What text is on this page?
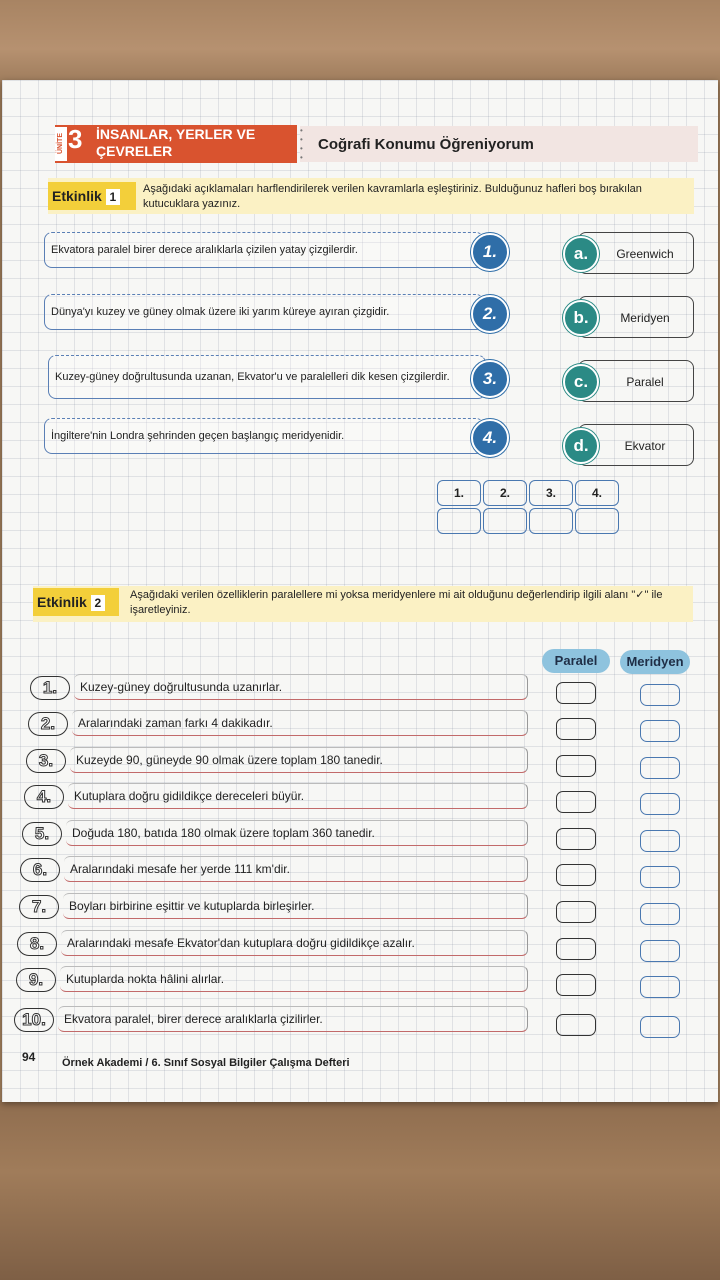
ÜNİTE 3 İNSANLAR, YERLER VE ÇEVRELER
•
•
•
•
Coğrafi Konumu Öğreniyorum
Etkinlik 1
Aşağıdaki açıklamaları harflendirilerek verilen kavramlarla eşleştiriniz. Bulduğunuz hafleri boş bırakılan kutucuklara yazınız.
Ekvatora paralel birer derece aralıklarla çizilen yatay çizgilerdir.	1.
Dünya'yı kuzey ve güney olmak üzere iki yarım küreye ayıran çizgidir.	2.
Kuzey-güney doğrultusunda uzanan, Ekvator'u ve paralelleri dik kesen çizgilerdir.	3.
İngiltere'nin Londra şehrinden geçen başlangıç meridyenidir.	4.
Greenwich
a.
Meridyen
b.
Paralel
c.
Ekvator
d.
1.	2.	3.	4.
Etkinlik 2
Aşağıdaki verilen özelliklerin paralellere mi yoksa meridyenlere mi ait olduğunu değerlendirip ilgili alanı "✓" ile işaretleyiniz.
Paralel	Meridyen
1.	Kuzey-güney doğrultusunda uzanırlar.
2.	Aralarındaki zaman farkı 4 dakikadır.
3.	Kuzeyde 90, güneyde 90 olmak üzere toplam 180 tanedir.
4.	Kutuplara doğru gidildikçe dereceleri büyür.
5.	Doğuda 180, batıda 180 olmak üzere toplam 360 tanedir.
6.	Aralarındaki mesafe her yerde 111 km'dir.
7.	Boyları birbirine eşittir ve kutuplarda birleşirler.
8.	Aralarındaki mesafe Ekvator'dan kutuplara doğru gidildikçe azalır.
9.	Kutuplarda nokta hâlini alırlar.
10.	Ekvatora paralel, birer derece aralıklarla çizilirler.
94 Örnek Akademi / 6. Sınıf Sosyal Bilgiler Çalışma Defteri
